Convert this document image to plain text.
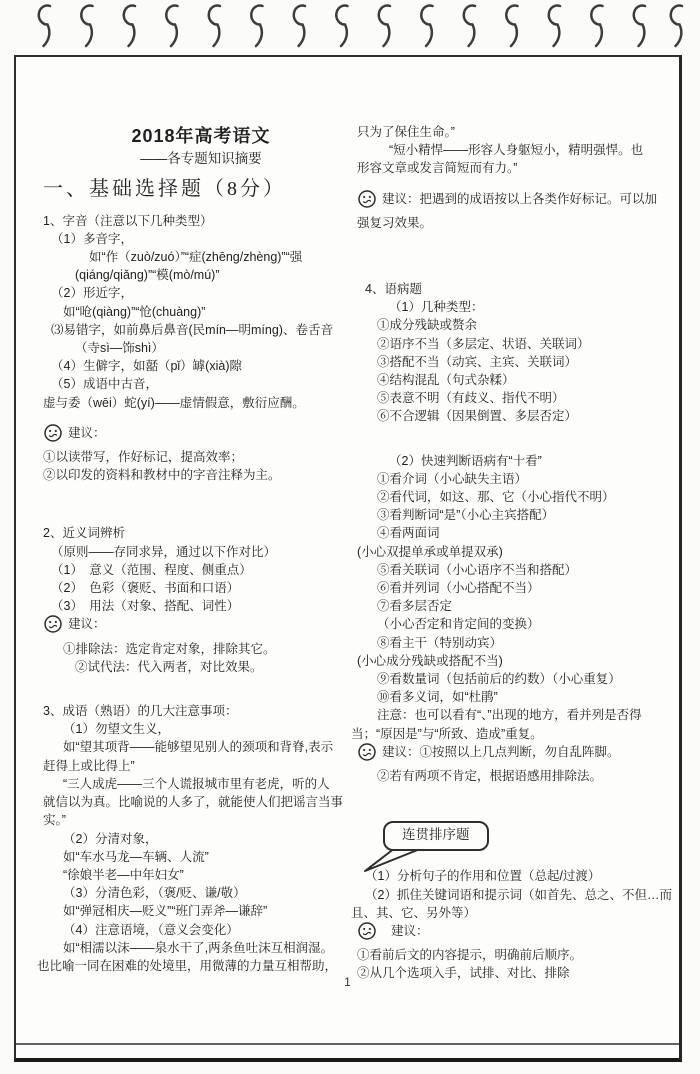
2018年高考语文
——各专题知识摘要
一、基础选择题（8分）
1、字音（注意以下几种类型）
（1）多音字，
如“作（zuò/zuó）”“症(zhēng/zhèng)”“强
(qiáng/qiǎng)”“模(mò/mú)”
（2）形近字，
如“呛(qiàng)”“怆(chuàng)”
⑶易错字，如前鼻后鼻音(民mín—明míng)、卷舌音
（寺sì—饰shì）
（4）生僻字，如嚭（pǐ）罅(xià)隙
（5）成语中古音，
虚与委（wēi）蛇(yí)——虚情假意，敷衍应酬。
建议：
①以读带写，作好标记，提高效率；
②以印发的资料和教材中的字音注释为主。
2、近义词辨析
（原则——存同求异，通过以下作对比）
（1）　意义（范围、程度、侧重点）
（2）　色彩（褒贬、书面和口语）
（3）　用法（对象、搭配、词性）
建议：
①排除法：选定肯定对象，排除其它。
②试代法：代入两者，对比效果。
3、成语（熟语）的几大注意事项：
（1）勿望文生义，
如“望其项背——能够望见别人的颈项和背脊,表示
赶得上或比得上”
“三人成虎——三个人谎报城市里有老虎，听的人
就信以为真。比喻说的人多了，就能使人们把谣言当事
实。”
（2）分清对象，
如“车水马龙—车辆、人流”
“徐娘半老—中年妇女”
（3）分清色彩，（褒/贬、谦/敬）
如“弹冠相庆—贬义”“班门弄斧—谦辞”
（4）注意语境，（意义会变化）
如“相濡以沫——泉水干了,两条鱼吐沫互相润湿。
也比喻一同在困难的处境里，用微薄的力量互相帮助，
只为了保住生命。”
“短小精悍——形容人身躯短小，精明强悍。也
形容文章或发言简短而有力。”
建议：把遇到的成语按以上各类作好标记。可以加
强复习效果。
4、语病题
（1）几种类型：
①成分残缺或赘余
②语序不当（多层定、状语、关联词）
③搭配不当（动宾、主宾、关联词）
④结构混乱（句式杂糅）
⑤表意不明（有歧义、指代不明）
⑥不合逻辑（因果倒置、多层否定）
（2）快速判断语病有“十看”
①看介词（小心缺失主语）
②看代词，如这、那、它（小心指代不明）
③看判断词“是”（小心主宾搭配）
④看两面词
(小心双提单承或单提双承)
⑤看关联词（小心语序不当和搭配）
⑥看并列词（小心搭配不当）
⑦看多层否定
（小心否定和肯定间的变换）
⑧看主干（特别动宾）
(小心成分残缺或搭配不当)
⑨看数量词（包括前后的约数）（小心重复）
⑩看多义词，如“杜鹃”
注意：也可以看有“、”出现的地方，看并列是否得
当；“原因是”与“所致、造成”重复。
建议：①按照以上几点判断，勿自乱阵脚。
②若有两项不肯定，根据语感用排除法。
连贯排序题
（1）分析句子的作用和位置（总起/过渡）
（2）抓住关键词语和提示词（如首先、总之、不但…而
且、其、它、另外等）
建议：
①看前后文的内容提示，明确前后顺序。
②从几个选项入手，试排、对比、排除
1
